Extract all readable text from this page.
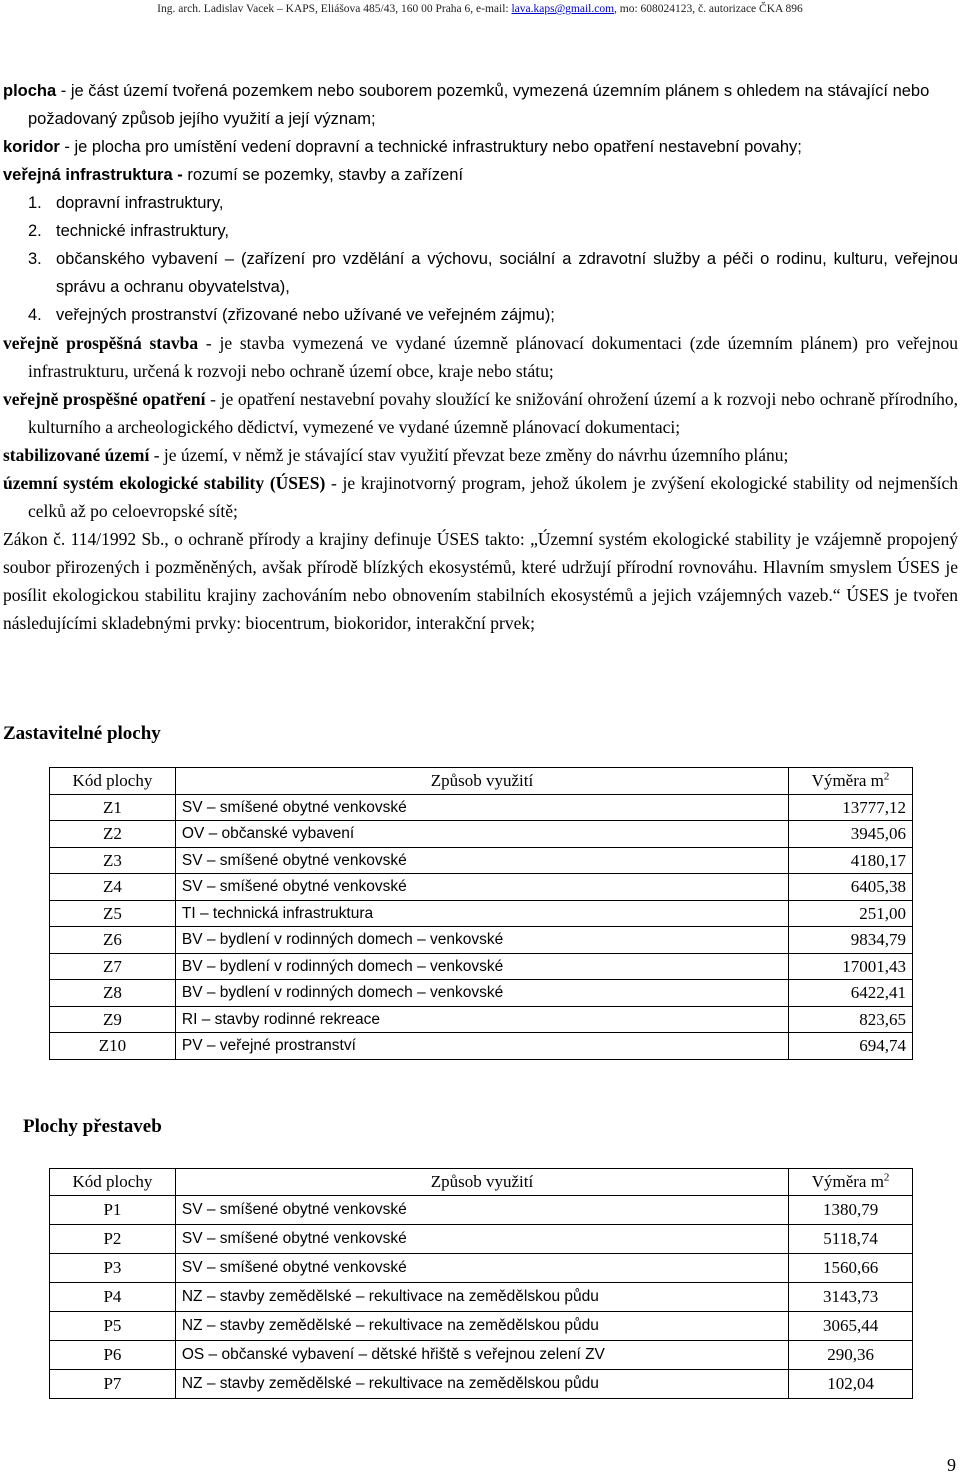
Ing. arch. Ladislav Vacek – KAPS, Eliášova 485/43, 160 00 Praha 6, e-mail: lava.kaps@gmail.com, mo: 608024123, č. autorizace ČKA 896

plocha - je část území tvořená pozemkem nebo souborem pozemků, vymezená územním plánem s ohledem na stávající nebo požadovaný způsob jejího využití a její význam;

koridor - je plocha pro umístění vedení dopravní a technické infrastruktury nebo opatření nestavební povahy;

veřejná infrastruktura - rozumí se pozemky, stavby a zařízení

1. dopravní infrastruktury,

2. technické infrastruktury,

3. občanského vybavení – (zařízení pro vzdělání a výchovu, sociální a zdravotní služby a péči o rodinu, kulturu, veřejnou správu a ochranu obyvatelstva),

4. veřejných prostranství (zřizované nebo užívané ve veřejném zájmu);

veřejně prospěšná stavba - je stavba vymezená ve vydané územně plánovací dokumentaci (zde územním plánem) pro veřejnou infrastrukturu, určená k rozvoji nebo ochraně území obce, kraje nebo státu;

veřejně prospěšné opatření - je opatření nestavební povahy sloužící ke snižování ohrožení území a k rozvoji nebo ochraně přírodního, kulturního a archeologického dědictví, vymezené ve vydané územně plánovací dokumentaci;

stabilizované území - je území, v němž je stávající stav využití převzat beze změny do návrhu územního plánu;

územní systém ekologické stability (ÚSES) - je krajinotvorný program, jehož úkolem je zvýšení ekologické stability od nejmenších celků až po celoevropské sítě;

Zákon č. 114/1992 Sb., o ochraně přírody a krajiny definuje ÚSES takto: „Územní systém ekologické stability je vzájemně propojený soubor přirozených i pozměněných, avšak přírodě blízkých ekosystémů, které udržují přírodní rovnováhu. Hlavním smyslem ÚSES je posílit ekologickou stabilitu krajiny zachováním nebo obnovením stabilních ekosystémů a jejich vzájemných vazeb.“ ÚSES je tvořen následujícími skladebnými prvky: biocentrum, biokoridor, interakční prvek;

Zastavitelné plochy
Kód plochy	Způsob využití	Výměra $m^2$
Z1	SV – smíšené obytné venkovské	13777,12
Z2	OV – občanské vybavení	3945,06
Z3	SV – smíšené obytné venkovské	4180,17
Z4	SV – smíšené obytné venkovské	6405,38
Z5	TI – technická infrastruktura	251,00
Z6	BV – bydlení v rodinných domech – venkovské	9834,79
Z7	BV – bydlení v rodinných domech – venkovské	17001,43
Z8	BV – bydlení v rodinných domech – venkovské	6422,41
Z9	RI – stavby rodinné rekreace	823,65
Z10	PV – veřejné prostranství	694,74
Plochy přestaveb
Kód plochy	Způsob využití	Výměra $m^2$
P1	SV – smíšené obytné venkovské	1380,79
P2	SV – smíšené obytné venkovské	5118,74
P3	SV – smíšené obytné venkovské	1560,66
P4	NZ – stavby zemědělské – rekultivace na zemědělskou půdu	3143,73
P5	NZ – stavby zemědělské – rekultivace na zemědělskou půdu	3065,44
P6	OS – občanské vybavení – dětské hřiště s veřejnou zelení ZV	290,36
P7	NZ – stavby zemědělské – rekultivace na zemědělskou půdu	102,04
9
